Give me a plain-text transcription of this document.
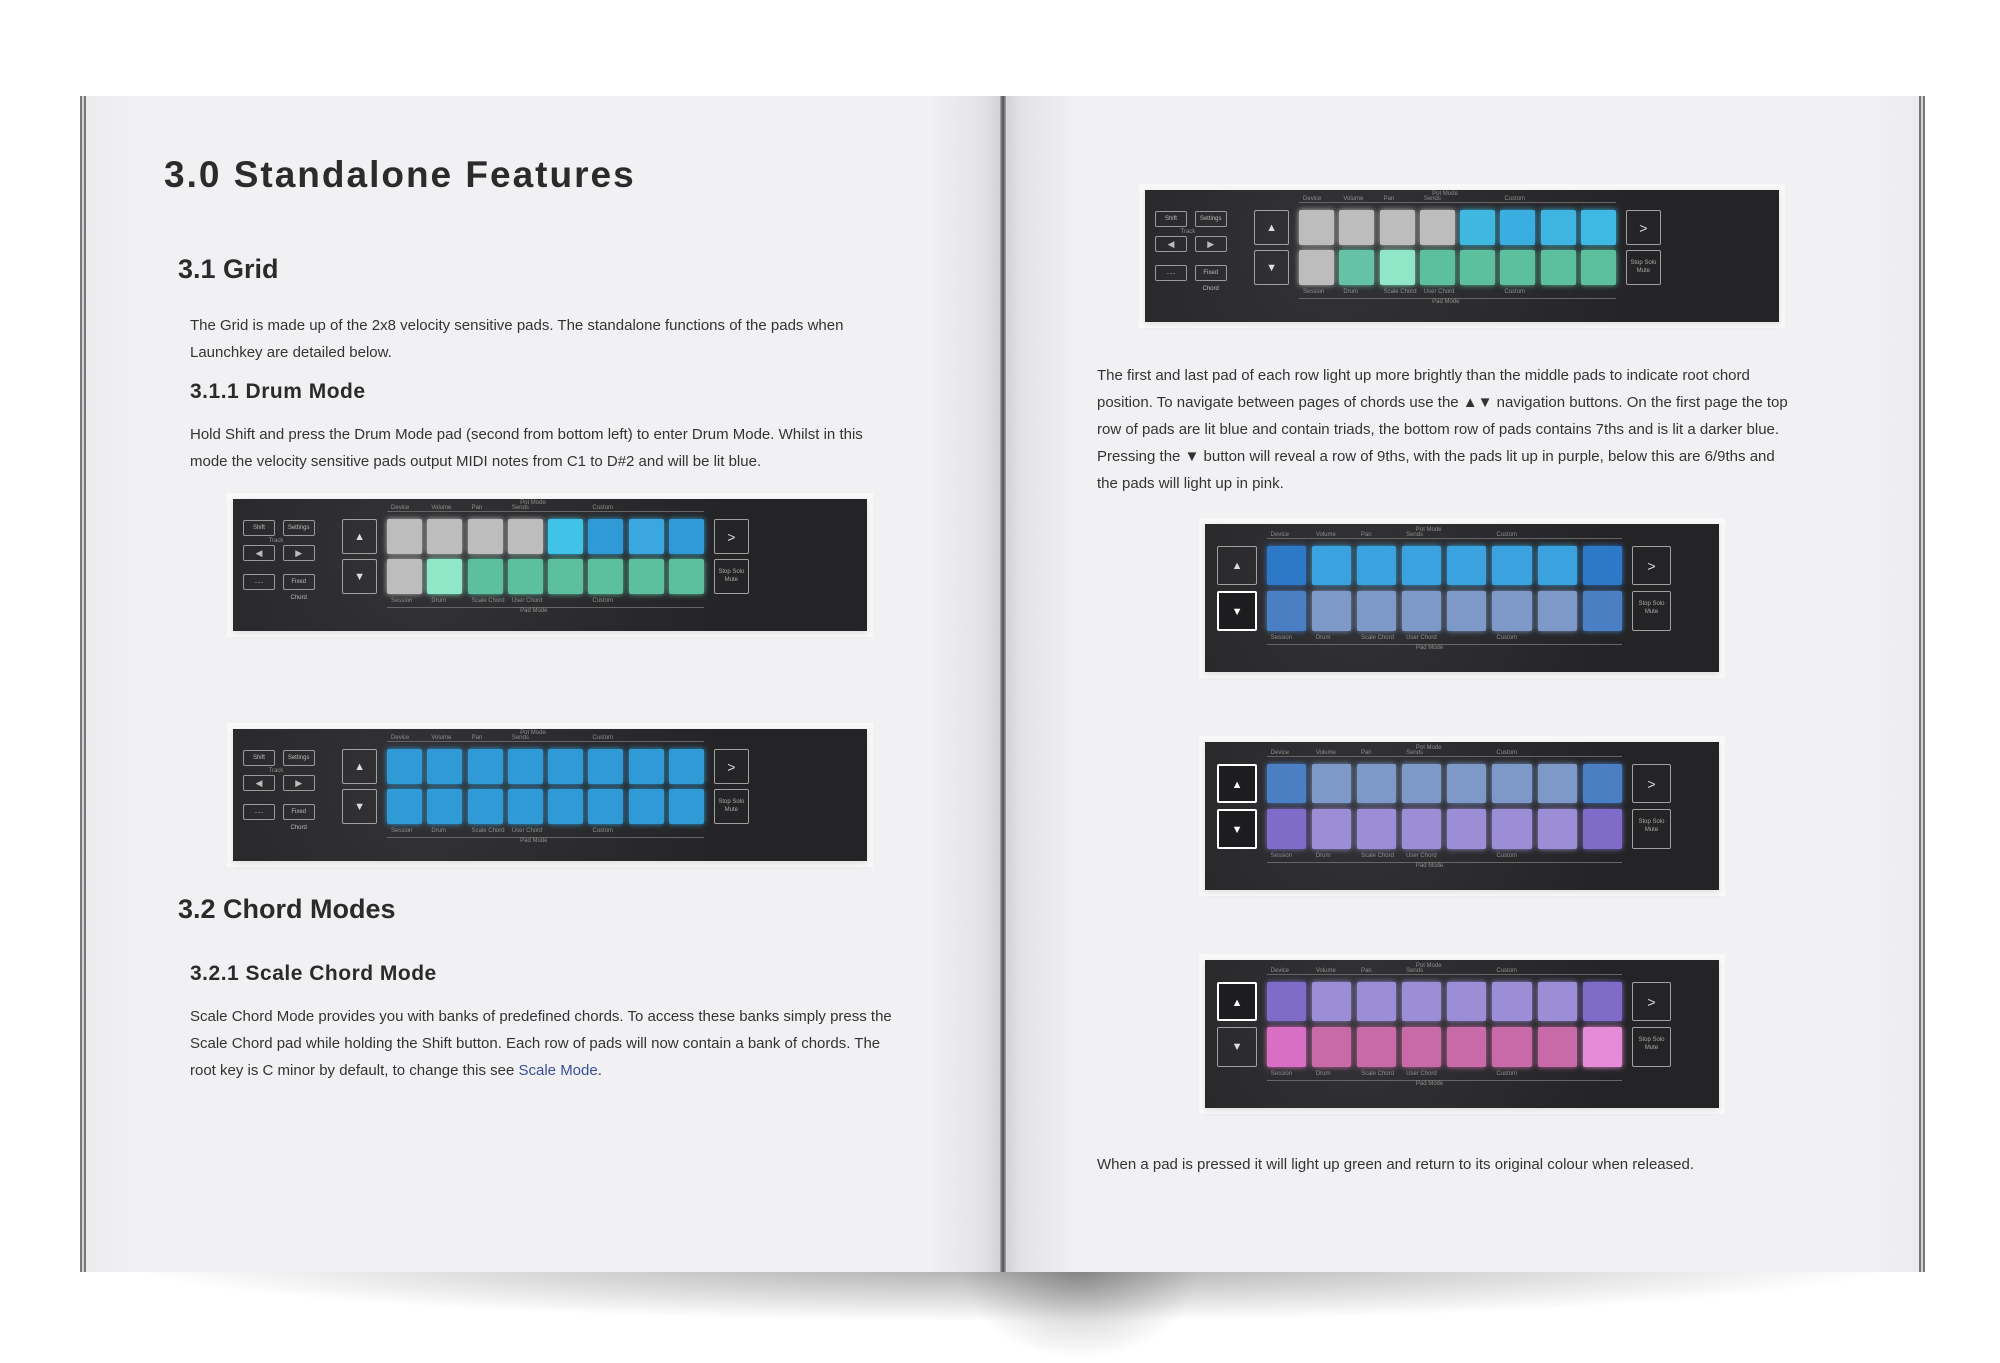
3.0 Standalone Features
3.1 Grid
The Grid is made up of the 2x8 velocity sensitive pads. The standalone functions of the pads when
Launchkey are detailed below.
3.1.1 Drum Mode
Hold Shift and press the Drum Mode pad (second from bottom left) to enter Drum Mode. Whilst in this
mode the velocity sensitive pads output MIDI notes from C1 to D#2 and will be lit blue.
Shift	Settings
Track
◀	▶
···	Fixed Chord
▲
▼
Pot Mode
Device	Volume	Pan	Sends	Custom
Session	Drum	Scale Chord User Chord	Custom
Pad Mode
>
Stop Solo Mute
Shift	Settings
Track
◀	▶
···	Fixed Chord
▲
▼
Pot Mode
Device	Volume	Pan	Sends	Custom
Session	Drum	Scale Chord User Chord	Custom
Pad Mode
>
Stop Solo Mute
3.2 Chord Modes
3.2.1 Scale Chord Mode
Scale Chord Mode provides you with banks of predefined chords. To access these banks simply press the
Scale Chord pad while holding the Shift button. Each row of pads will now contain a bank of chords. The
root key is C minor by default, to change this see Scale Mode.
Shift	Settings
Track
◀	▶
···	Fixed Chord
▲
▼
Pot Mode
Device	Volume	Pan	Sends	Custom
Session	Drum	Scale Chord User Chord	Custom
Pad Mode
>
Stop Solo Mute
The first and last pad of each row light up more brightly than the middle pads to indicate root chord
position. To navigate between pages of chords use the ▲▼ navigation buttons. On the first page the top
row of pads are lit blue and contain triads, the bottom row of pads contains 7ths and is lit a darker blue.
Pressing the ▼ button will reveal a row of 9ths, with the pads lit up in purple, below this are 6/9ths and
the pads will light up in pink.
▲
▼
Pot Mode
Device	Volume	Pan	Sends	Custom
Session	Drum	Scale Chord User Chord	Custom
Pad Mode
>
Stop Solo Mute
▲
▼
Pot Mode
Device	Volume	Pan	Sends	Custom
Session	Drum	Scale Chord User Chord	Custom
Pad Mode
>
Stop Solo Mute
▲
▼
Pot Mode
Device	Volume	Pan	Sends	Custom
Session	Drum	Scale Chord User Chord	Custom
Pad Mode
>
Stop Solo Mute
When a pad is pressed it will light up green and return to its original colour when released.
